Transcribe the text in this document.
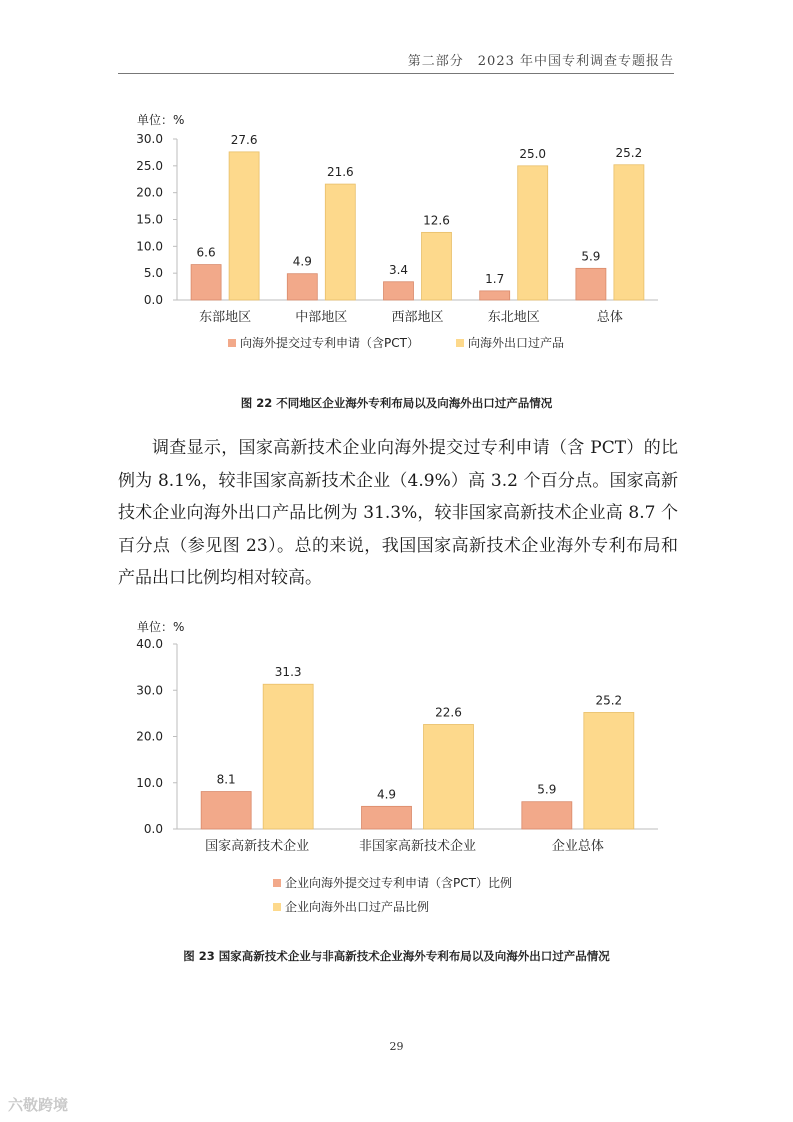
第二部分　2023 年中国专利调查专题报告
单位：%
0.0
5.0
10.0
15.0
20.0
25.0
30.0
6.6
27.6
东部地区
4.9
21.6
中部地区
3.4
12.6
西部地区
1.7
25.0
东北地区
5.9
25.2
总体
向海外提交过专利申请（含PCT）	向海外出口过产品
图 22 不同地区企业海外专利布局以及向海外出口过产品情况

调查显示，国家高新技术企业向海外提交过专利申请（含 PCT）的比例为 8.1%，较非国家高新技术企业（4.9%）高 3.2 个百分点。国家高新技术企业向海外出口产品比例为 31.3%，较非国家高新技术企业高 8.7 个百分点（参见图 23）。总的来说，我国国家高新技术企业海外专利布局和产品出口比例均相对较高。

单位：%
0.0
10.0
20.0
30.0
40.0
8.1
31.3
国家高新技术企业
4.9
22.6
非国家高新技术企业
5.9
25.2
企业总体
企业向海外提交过专利申请（含PCT）比例
企业向海外出口过产品比例
图 23 国家高新技术企业与非高新技术企业海外专利布局以及向海外出口过产品情况
29
六敬跨境
